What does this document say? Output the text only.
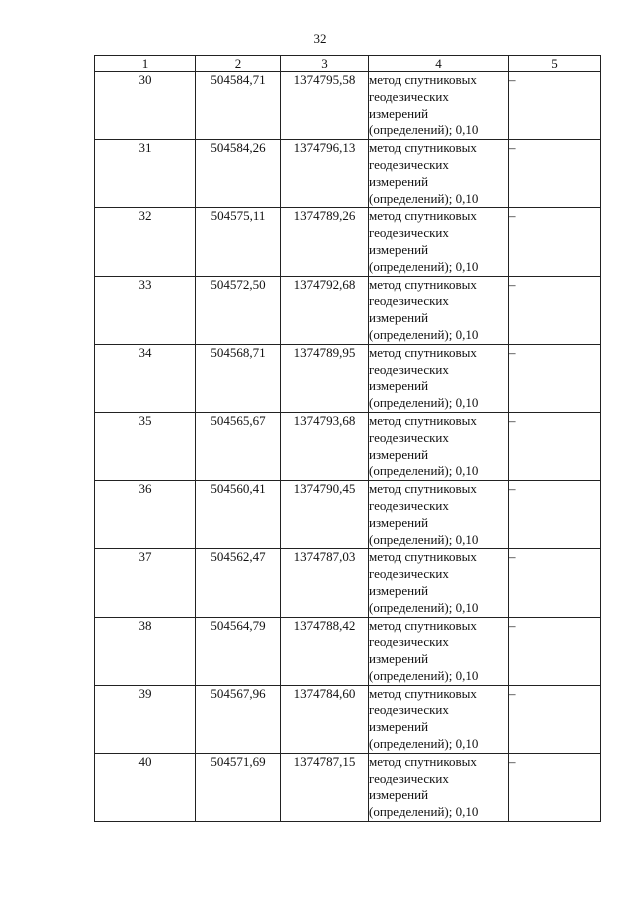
32
1	2	3	4	5
30	504584,71	1374795,58	метод спутниковых
геодезических
измерений
(определений); 0,10	–
31	504584,26	1374796,13	метод спутниковых
геодезических
измерений
(определений); 0,10	–
32	504575,11	1374789,26	метод спутниковых
геодезических
измерений
(определений); 0,10	–
33	504572,50	1374792,68	метод спутниковых
геодезических
измерений
(определений); 0,10	–
34	504568,71	1374789,95	метод спутниковых
геодезических
измерений
(определений); 0,10	–
35	504565,67	1374793,68	метод спутниковых
геодезических
измерений
(определений); 0,10	–
36	504560,41	1374790,45	метод спутниковых
геодезических
измерений
(определений); 0,10	–
37	504562,47	1374787,03	метод спутниковых
геодезических
измерений
(определений); 0,10	–
38	504564,79	1374788,42	метод спутниковых
геодезических
измерений
(определений); 0,10	–
39	504567,96	1374784,60	метод спутниковых
геодезических
измерений
(определений); 0,10	–
40	504571,69	1374787,15	метод спутниковых
геодезических
измерений
(определений); 0,10	–
